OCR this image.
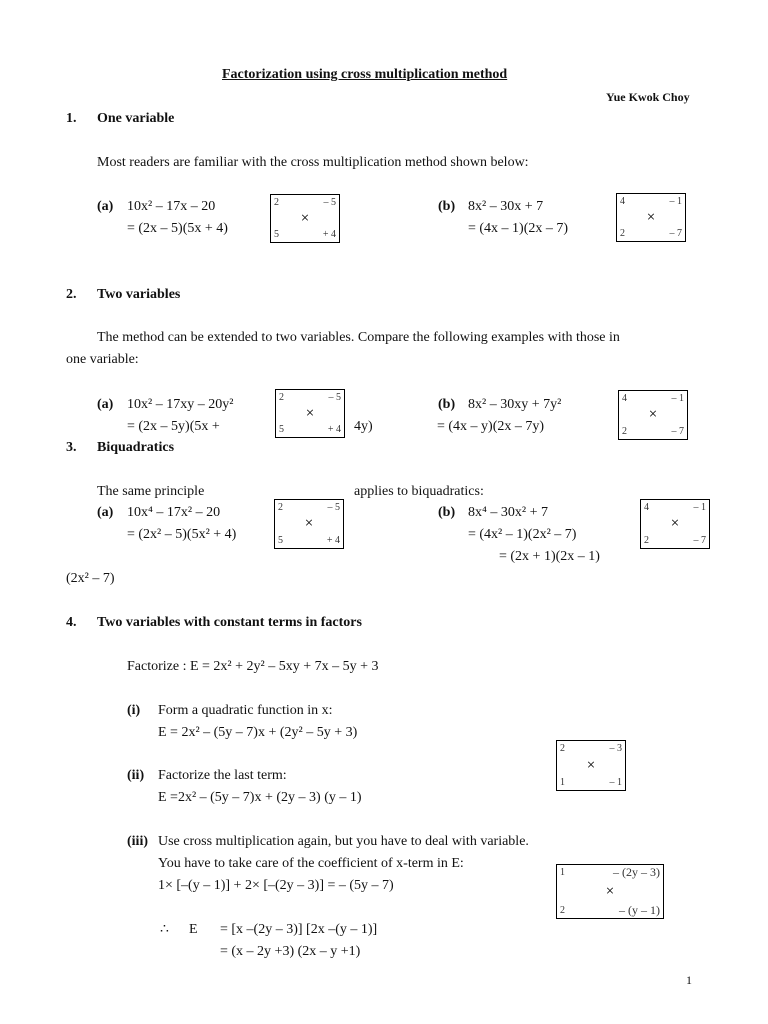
Factorization using cross multiplication method
Yue Kwok Choy
1. One variable
Most readers are familiar with the cross multiplication method shown below:
(a) 10x² – 17x – 20
= (2x – 5)(5x + 4)
2	– 5
×
5	+ 4
(b) 8x² – 30x + 7
= (4x – 1)(2x – 7)
4	– 1
×
2	– 7
2. Two variables
The method can be extended to two variables. Compare the following examples with those in
one variable:
(a) 10x² – 17xy – 20y²
= (2x – 5y)(5x +	4y)
2	– 5
×
5	+ 4
(b) 8x² – 30xy + 7y²
= (4x – y)(2x – 7y)
4	– 1
×
2	– 7
3. Biquadratics
The same principle	applies to biquadratics:
(a) 10x⁴ – 17x² – 20
= (2x² – 5)(5x² + 4)
2	– 5
×
5	+ 4
(b) 8x⁴ – 30x² + 7
= (4x² – 1)(2x² – 7)
= (2x + 1)(2x – 1)
4	– 1
×
2	– 7
(2x² – 7)
4. Two variables with constant terms in factors
Factorize : E = 2x² + 2y² – 5xy + 7x – 5y + 3
(i) Form a quadratic function in x:
E = 2x² – (5y – 7)x + (2y² – 5y + 3)
2	– 3
×
1	– 1
(ii) Factorize the last term:
E =2x² – (5y – 7)x + (2y – 3) (y – 1)
(iii) Use cross multiplication again, but you have to deal with variable.
You have to take care of the coefficient of x-term in E:
1× [–(y – 1)] + 2× [–(2y – 3)] = – (5y – 7)
1	– (2y – 3)
×
2	– (y – 1)
∴ E = [x –(2y – 3)] [2x –(y – 1)]
= (x – 2y +3) (2x – y +1)
1
